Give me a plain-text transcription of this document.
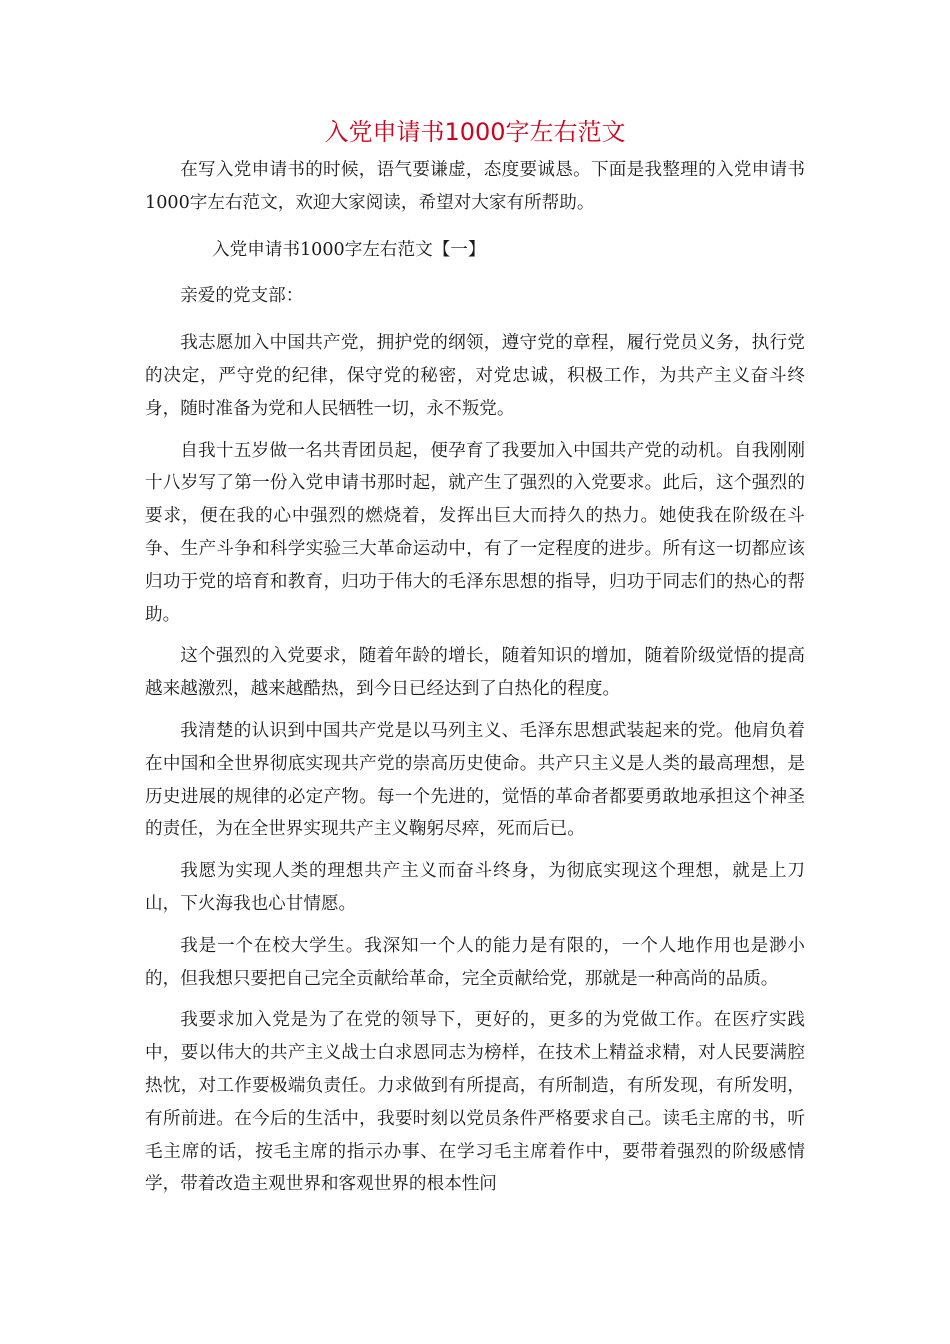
入党申请书1000字左右范文

在写入党申请书的时候，语气要谦虚，态度要诚恳。下面是我整理的入党申请书1000字左右范文，欢迎大家阅读，希望对大家有所帮助。

入党申请书1000字左右范文【一】

亲爱的党支部：

我志愿加入中国共产党，拥护党的纲领，遵守党的章程，履行党员义务，执行党的决定，严守党的纪律，保守党的秘密，对党忠诚，积极工作，为共产主义奋斗终身，随时准备为党和人民牺牲一切，永不叛党。

自我十五岁做一名共青团员起，便孕育了我要加入中国共产党的动机。自我刚刚十八岁写了第一份入党申请书那时起，就产生了强烈的入党要求。此后，这个强烈的要求，便在我的心中强烈的燃烧着，发挥出巨大而持久的热力。她使我在阶级在斗争、生产斗争和科学实验三大革命运动中，有了一定程度的进步。所有这一切都应该归功于党的培育和教育，归功于伟大的毛泽东思想的指导，归功于同志们的热心的帮助。

这个强烈的入党要求，随着年龄的增长，随着知识的增加，随着阶级觉悟的提高越来越激烈，越来越酷热，到今日已经达到了白热化的程度。

我清楚的认识到中国共产党是以马列主义、毛泽东思想武装起来的党。他肩负着在中国和全世界彻底实现共产党的崇高历史使命。共产只主义是人类的最高理想，是历史进展的规律的必定产物。每一个先进的，觉悟的革命者都要勇敢地承担这个神圣的责任，为在全世界实现共产主义鞠躬尽瘁，死而后已。

我愿为实现人类的理想共产主义而奋斗终身，为彻底实现这个理想，就是上刀山，下火海我也心甘情愿。

我是一个在校大学生。我深知一个人的能力是有限的，一个人地作用也是渺小的，但我想只要把自己完全贡献给革命，完全贡献给党，那就是一种高尚的品质。

我要求加入党是为了在党的领导下，更好的，更多的为党做工作。在医疗实践中，要以伟大的共产主义战士白求恩同志为榜样，在技术上精益求精，对人民要满腔热忱，对工作要极端负责任。力求做到有所提高，有所制造，有所发现，有所发明，有所前进。在今后的生活中，我要时刻以党员条件严格要求自己。读毛主席的书，听毛主席的话，按毛主席的指示办事、在学习毛主席着作中，要带着强烈的阶级感情学，带着改造主观世界和客观世界的根本性问
